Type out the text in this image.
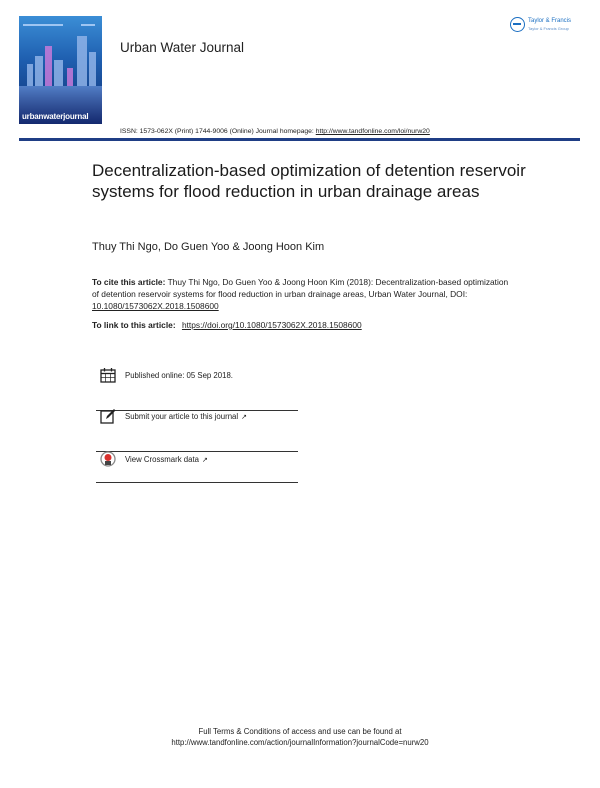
urbanwaterjournal
Urban Water Journal
Taylor & Francis
Taylor & Francis Group
ISSN: 1573-062X (Print) 1744-9006 (Online) Journal homepage: http://www.tandfonline.com/loi/nurw20
Decentralization-based optimization of detention reservoir systems for flood reduction in urban drainage areas
Thuy Thi Ngo, Do Guen Yoo & Joong Hoon Kim
To cite this article: Thuy Thi Ngo, Do Guen Yoo & Joong Hoon Kim (2018): Decentralization-based optimization of detention reservoir systems for flood reduction in urban drainage areas, Urban Water Journal, DOI: 10.1080/1573062X.2018.1508600
To link to this article: https://doi.org/10.1080/1573062X.2018.1508600
Published online: 05 Sep 2018.
Submit your article to this journal ↗
View Crossmark data ↗
Full Terms & Conditions of access and use can be found at
http://www.tandfonline.com/action/journalInformation?journalCode=nurw20
